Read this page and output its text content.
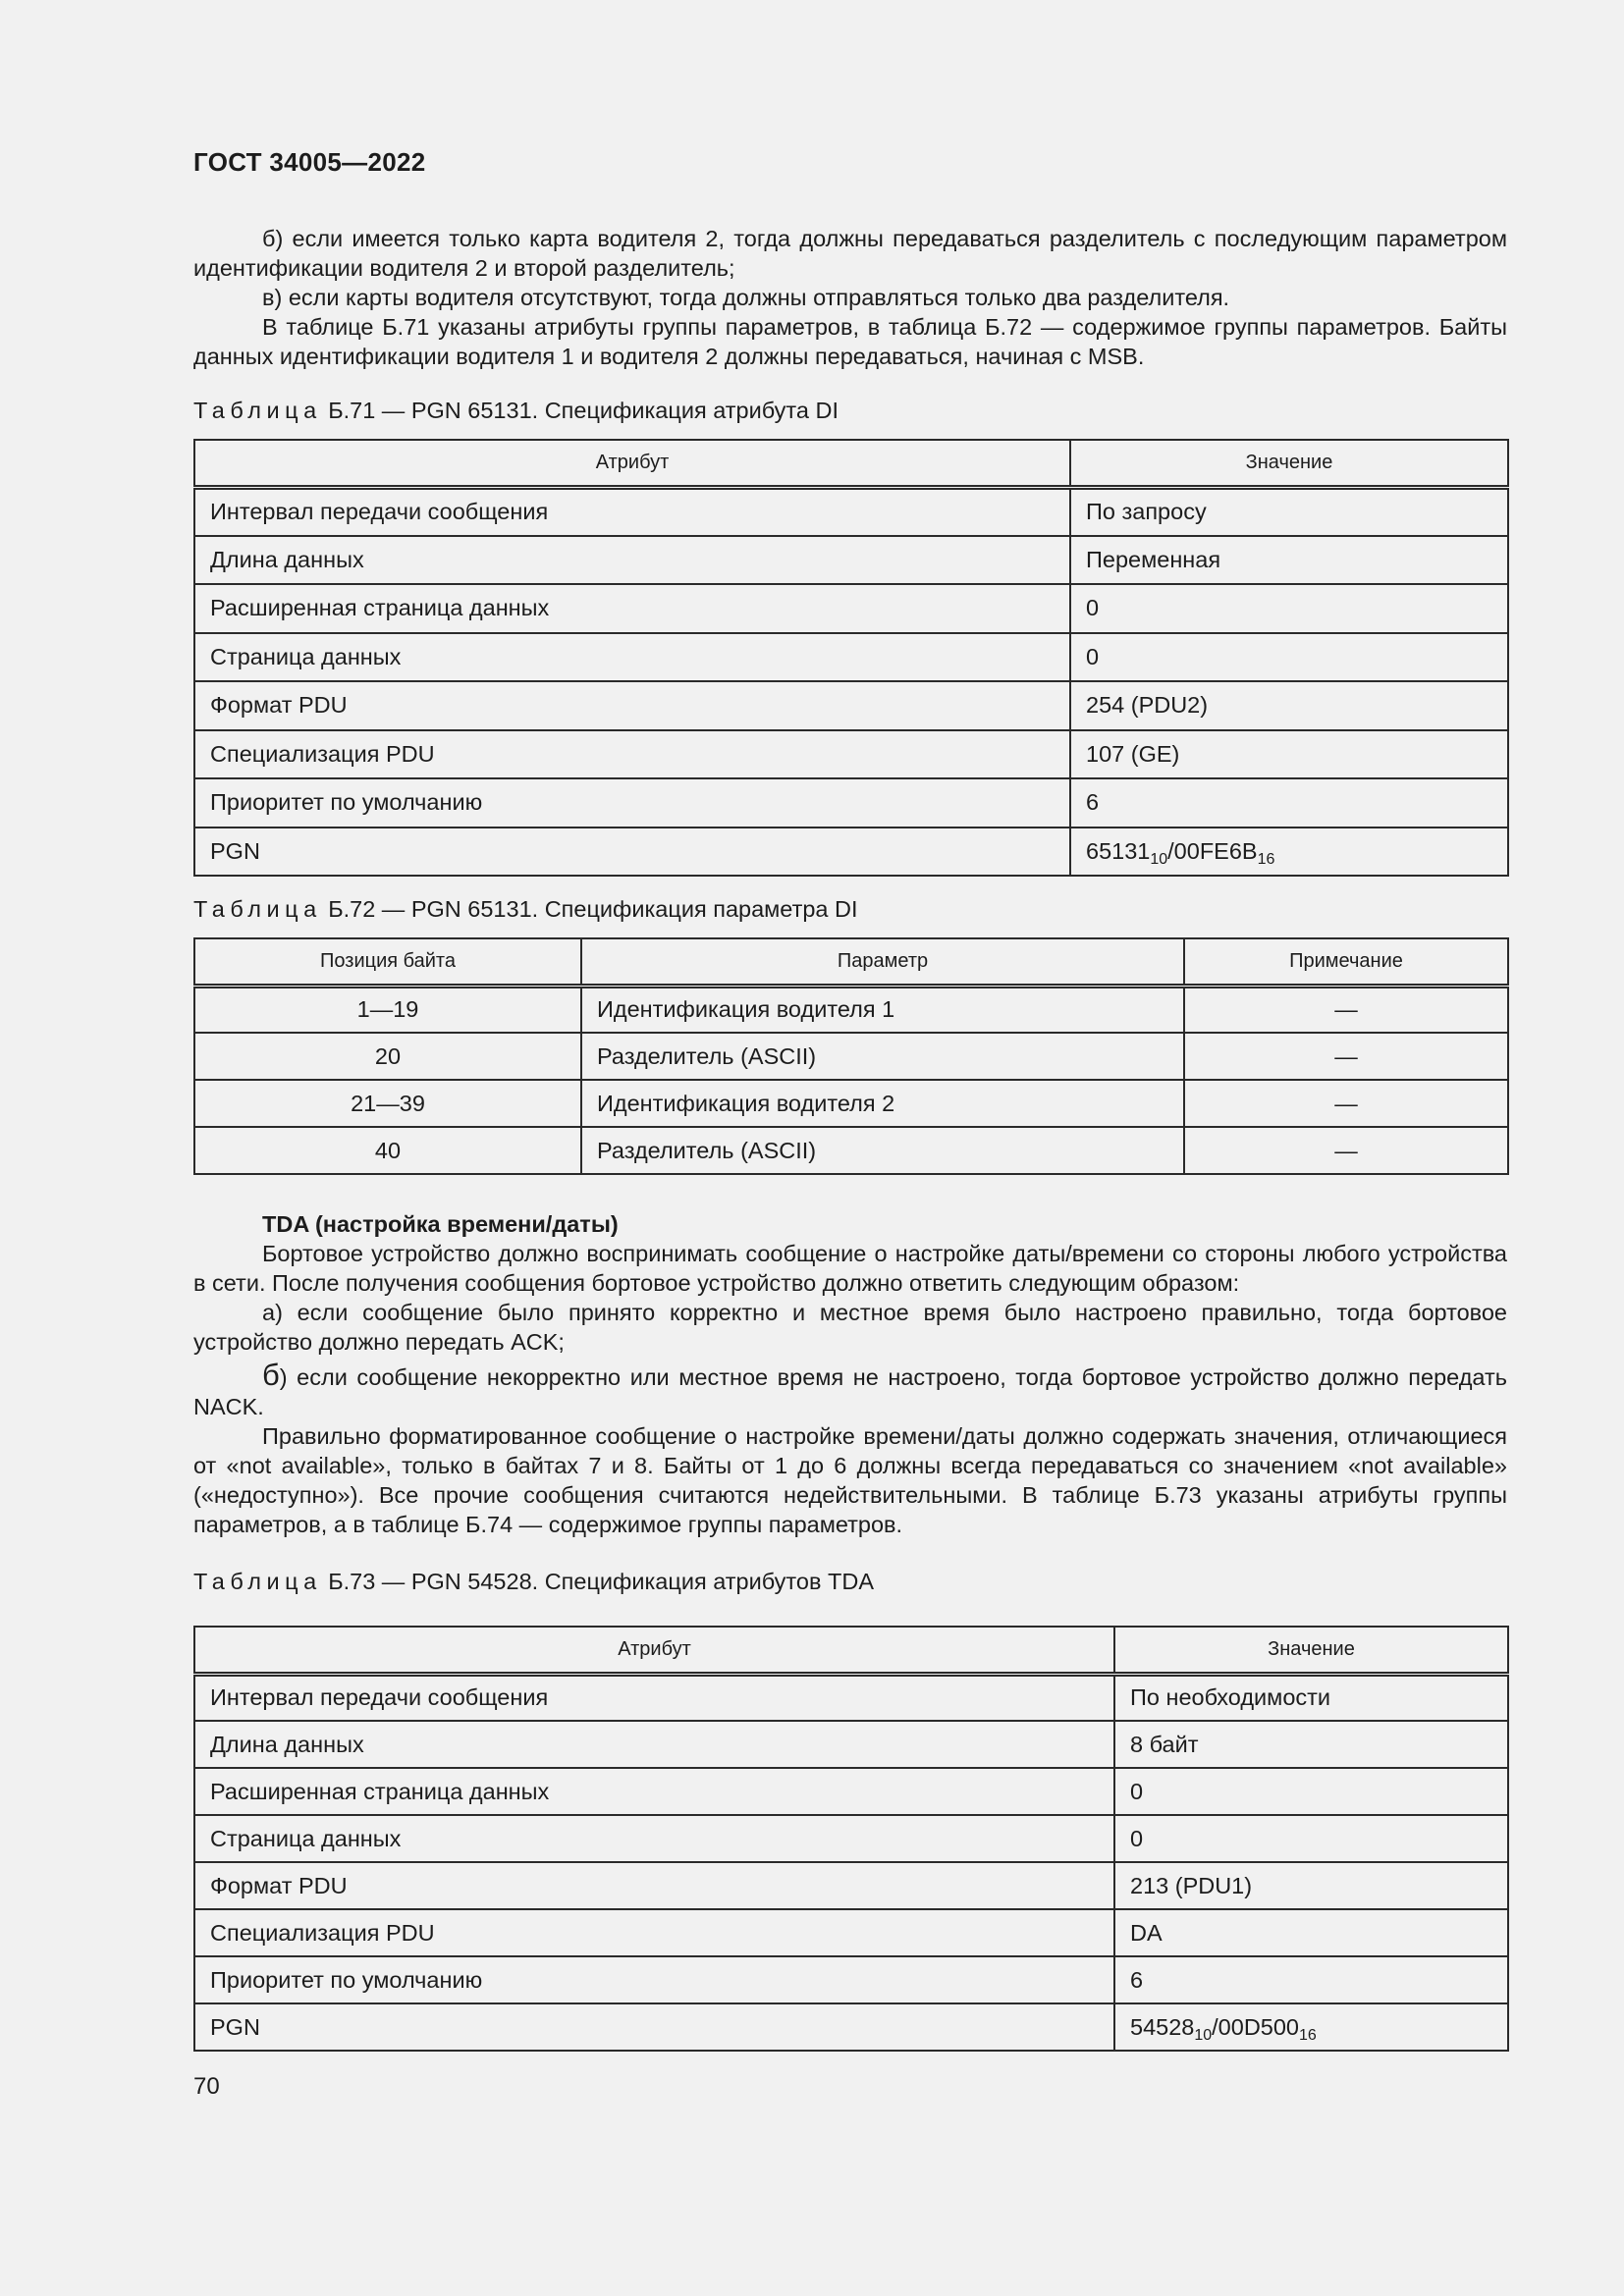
ГОСТ 34005—2022

б) если имеется только карта водителя 2, тогда должны передаваться разделитель с последующим параметром идентификации водителя 2 и второй разделитель;

в) если карты водителя отсутствуют, тогда должны отправляться только два разделителя.

В таблице Б.71 указаны атрибуты группы параметров, в таблица Б.72 — содержимое группы параметров. Байты данных идентификации водителя 1 и водителя 2 должны передаваться, начиная с MSB.

Таблица Б.71 — PGN 65131. Спецификация атрибута DI
Атрибут	Значение
Интервал передачи сообщения	По запросу
Длина данных	Переменная
Расширенная страница данных	0
Страница данных	0
Формат PDU	254 (PDU2)
Специализация PDU	107 (GE)
Приоритет по умолчанию	6
PGN	$65131_{10}/00FE6B_{16}$
Таблица Б.72 — PGN 65131. Спецификация параметра DI
Позиция байта	Параметр	Примечание
1—19	Идентификация водителя 1	—
20	Разделитель (ASCII)	—
21—39	Идентификация водителя 2	—
40	Разделитель (ASCII)	—

TDA (настройка времени/даты)

Бортовое устройство должно воспринимать сообщение о настройке даты/времени со стороны любого устройства в сети. После получения сообщения бортовое устройство должно ответить следующим образом:

а) если сообщение было принято корректно и местное время было настроено правильно, тогда бортовое устройство должно передать ACK;

б) если сообщение некорректно или местное время не настроено, тогда бортовое устройство должно передать NACK.

Правильно форматированное сообщение о настройке времени/даты должно содержать значения, отличающиеся от «not available», только в байтах 7 и 8. Байты от 1 до 6 должны всегда передаваться со значением «not available» («недоступно»). Все прочие сообщения считаются недействительными. В таблице Б.73 указаны атрибуты группы параметров, а в таблице Б.74 — содержимое группы параметров.

Таблица Б.73 — PGN 54528. Спецификация атрибутов TDA
Атрибут	Значение
Интервал передачи сообщения	По необходимости
Длина данных	8 байт
Расширенная страница данных	0
Страница данных	0
Формат PDU	213 (PDU1)
Специализация PDU	DA
Приоритет по умолчанию	6
PGN	$54528_{10}/00D500_{16}$
70
